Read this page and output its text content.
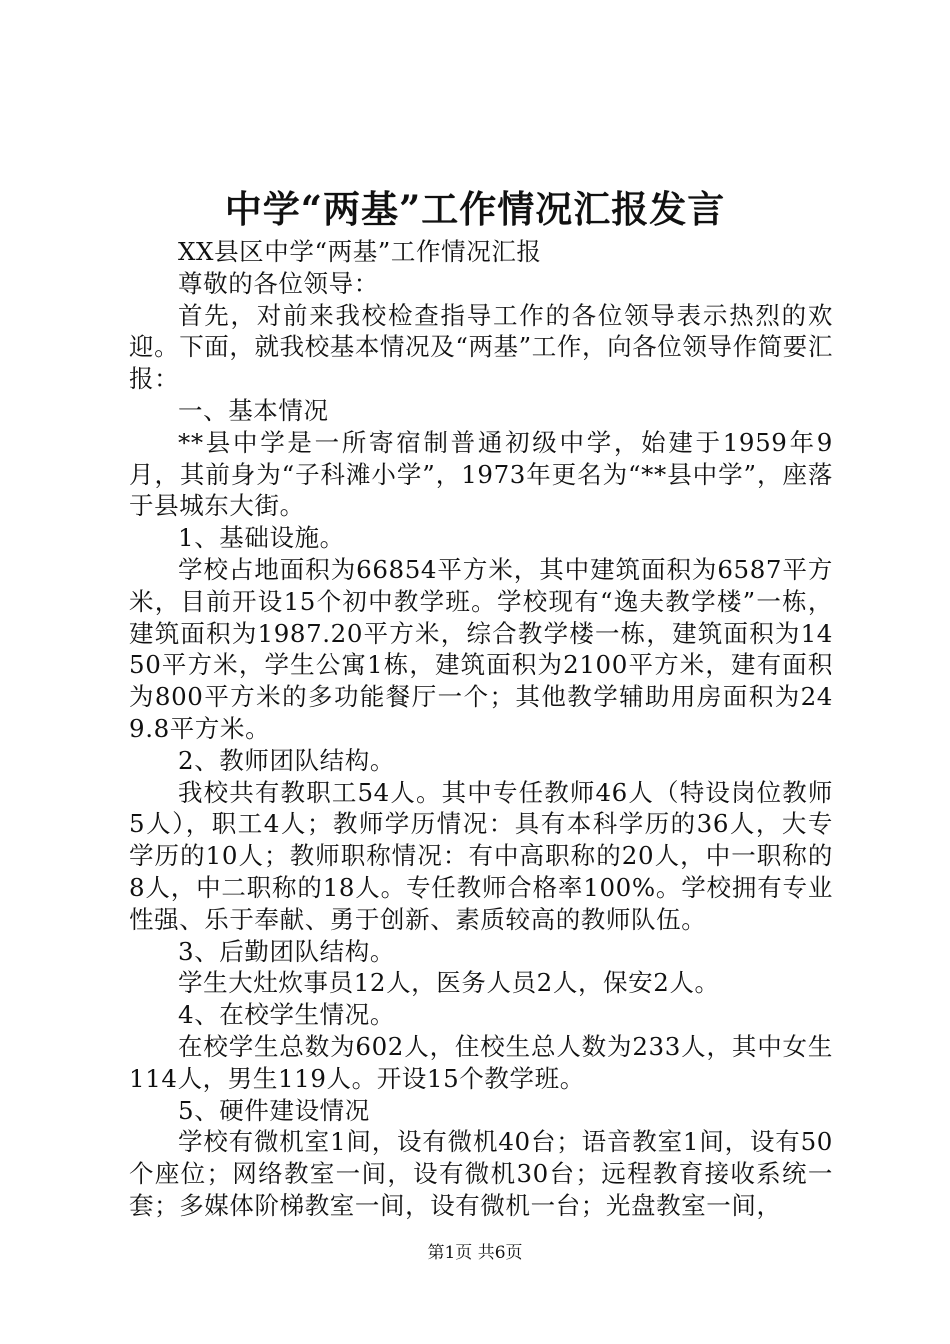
中学“两基”工作情况汇报发言

XX县区中学“两基”工作情况汇报

尊敬的各位领导：

首先，对前来我校检查指导工作的各位领导表示热烈的欢迎。下面，就我校基本情况及“两基”工作，向各位领导作简要汇报：

一、基本情况

**县中学是一所寄宿制普通初级中学，始建于1959年9月，其前身为“子科滩小学”，1973年更名为“**县中学”，座落于县城东大街。

1、基础设施。

学校占地面积为66854平方米，其中建筑面积为6587平方米，目前开设15个初中教学班。学校现有“逸夫教学楼”一栋，建筑面积为1987.20平方米，综合教学楼一栋，建筑面积为1450平方米，学生公寓1栋，建筑面积为2100平方米，建有面积为800平方米的多功能餐厅一个；其他教学辅助用房面积为249.8平方米。

2、教师团队结构。

我校共有教职工54人。其中专任教师46人（特设岗位教师5人），职工4人；教师学历情况：具有本科学历的36人，大专学历的10人；教师职称情况：有中高职称的20人，中一职称的8人，中二职称的18人。专任教师合格率100%。学校拥有专业性强、乐于奉献、勇于创新、素质较高的教师队伍。

3、后勤团队结构。

学生大灶炊事员12人，医务人员2人，保安2人。

4、在校学生情况。

在校学生总数为602人，住校生总人数为233人，其中女生114人，男生119人。开设15个教学班。

5、硬件建设情况

学校有微机室1间，设有微机40台；语音教室1间，设有50个座位；网络教室一间，设有微机30台；远程教育接收系统一套；多媒体阶梯教室一间，设有微机一台；光盘教室一间，

第1页 共6页
